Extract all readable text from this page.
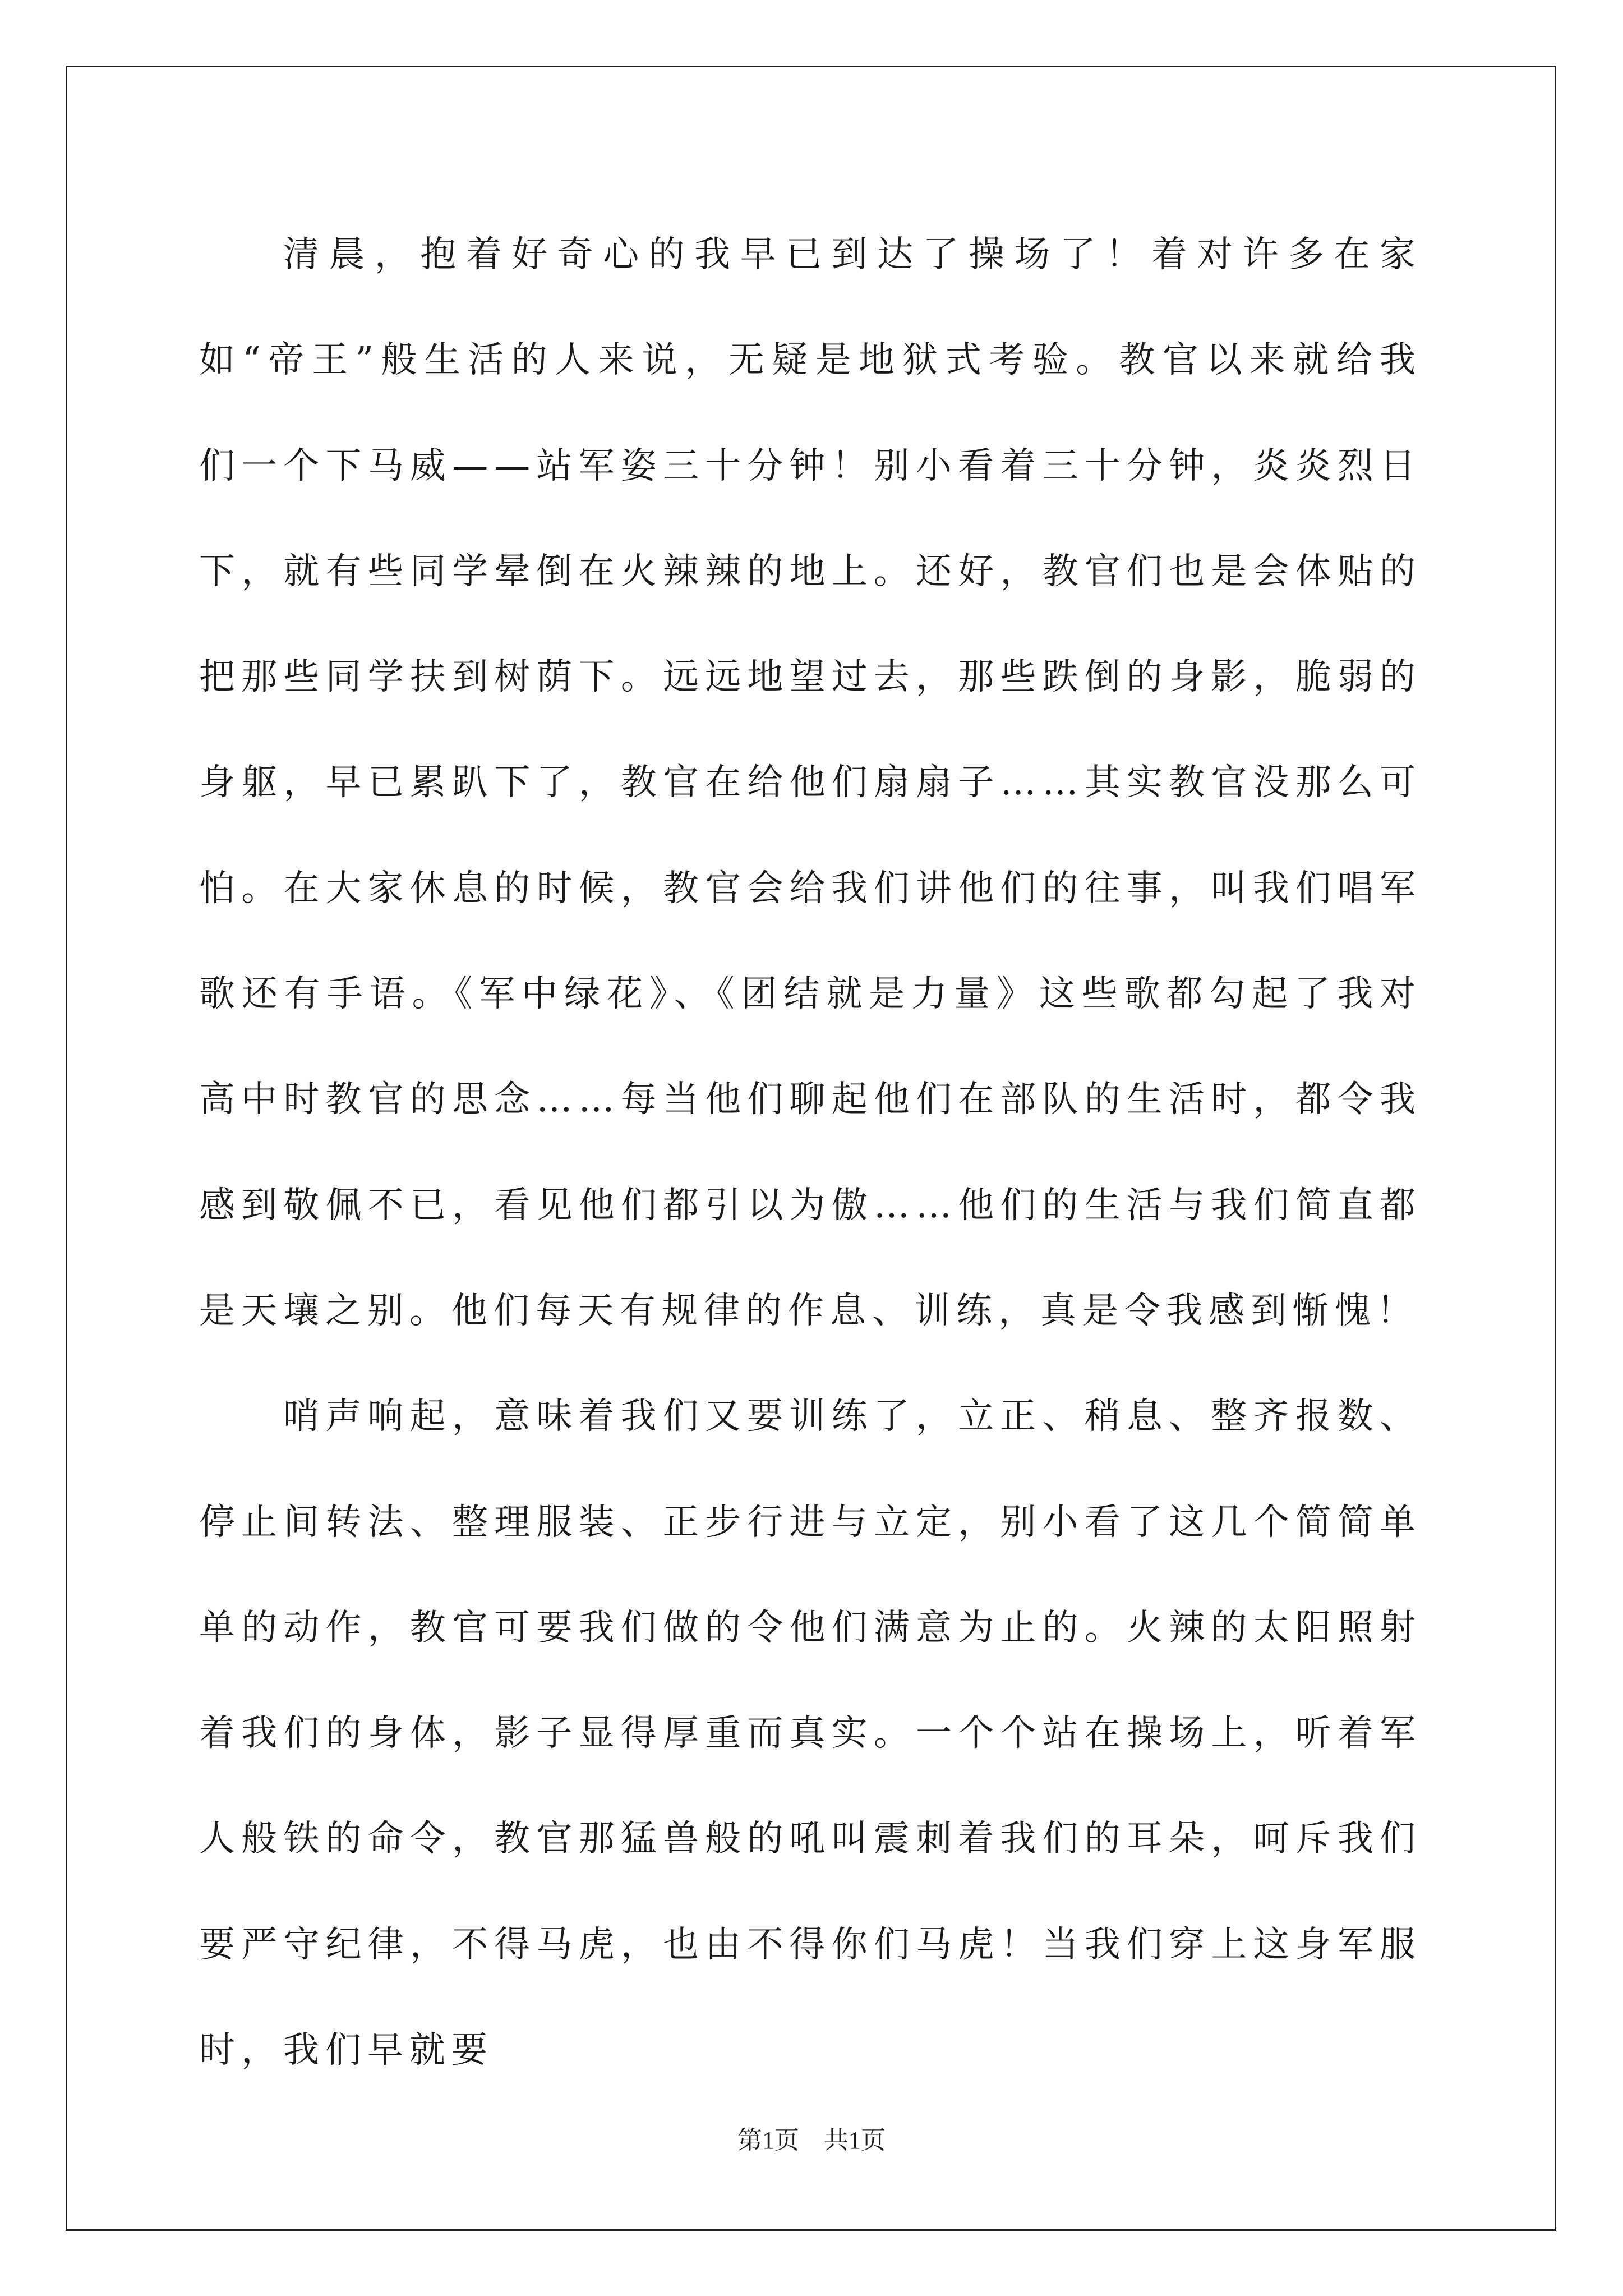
清晨，抱着好奇心的我早已到达了操场了！着对许多在家如“帝王”般生活的人来说，无疑是地狱式考验。教官以来就给我们一个下马威——站军姿三十分钟！别小看着三十分钟，炎炎烈日下，就有些同学晕倒在火辣辣的地上。还好，教官们也是会体贴的把那些同学扶到树荫下。远远地望过去，那些跌倒的身影，脆弱的身躯，早已累趴下了，教官在给他们扇扇子……其实教官没那么可怕。在大家休息的时候，教官会给我们讲他们的往事，叫我们唱军歌还有手语。《军中绿花》、《团结就是力量》这些歌都勾起了我对高中时教官的思念……每当他们聊起他们在部队的生活时，都令我感到敬佩不已，看见他们都引以为傲……他们的生活与我们简直都是天壤之别。他们每天有规律的作息、训练，真是令我感到惭愧！

哨声响起，意味着我们又要训练了，立正、稍息、整齐报数、停止间转法、整理服装、正步行进与立定，别小看了这几个简简单单的动作，教官可要我们做的令他们满意为止的。火辣的太阳照射着我们的身体，影子显得厚重而真实。一个个站在操场上，听着军人般铁的命令，教官那猛兽般的吼叫震刺着我们的耳朵，呵斥我们要严守纪律，不得马虎，也由不得你们马虎！当我们穿上这身军服时，我们早就要

第1页　共1页
